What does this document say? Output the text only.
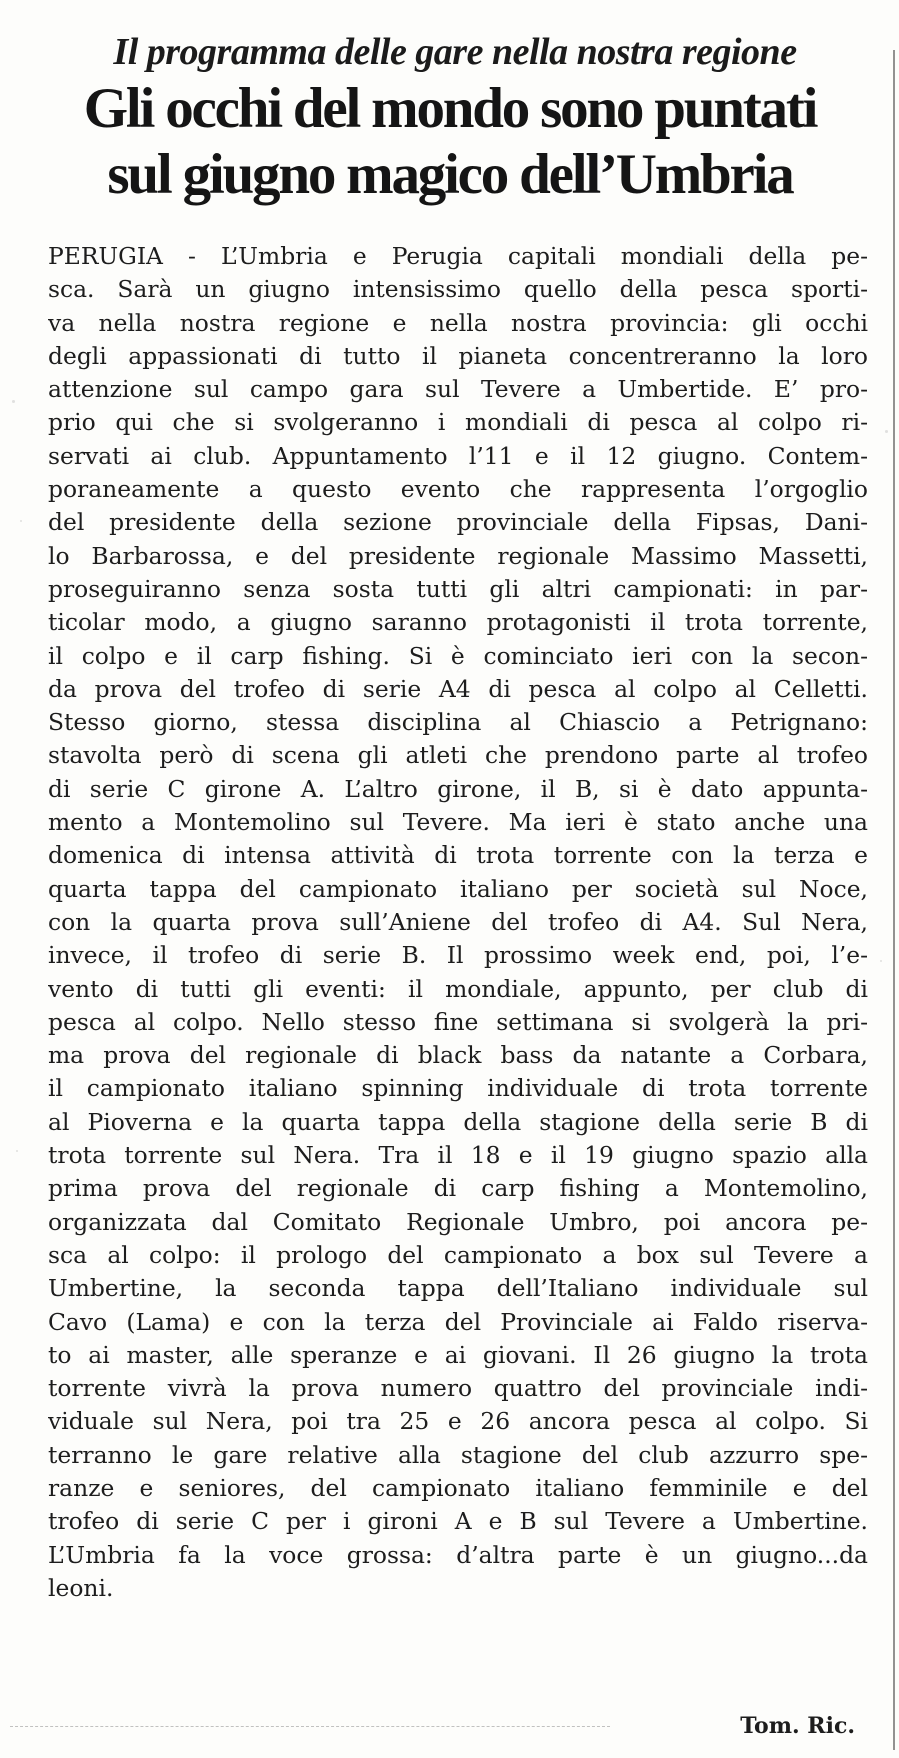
Il programma delle gare nella nostra regione
Gli occhi del mondo sono puntati
sul giugno magico dell’Umbria
PERUGIA - L’Umbria e Perugia capitali mondiali della pe-
sca. Sarà un giugno intensissimo quello della pesca sporti-
va nella nostra regione e nella nostra provincia: gli occhi
degli appassionati di tutto il pianeta concentreranno la loro
attenzione sul campo gara sul Tevere a Umbertide. E’ pro-
prio qui che si svolgeranno i mondiali di pesca al colpo ri-
servati ai club. Appuntamento l’11 e il 12 giugno. Contem-
poraneamente a questo evento che rappresenta l’orgoglio
del presidente della sezione provinciale della Fipsas, Dani-
lo Barbarossa, e del presidente regionale Massimo Massetti,
proseguiranno senza sosta tutti gli altri campionati: in par-
ticolar modo, a giugno saranno protagonisti il trota torrente,
il colpo e il carp fishing. Si è cominciato ieri con la secon-
da prova del trofeo di serie A4 di pesca al colpo al Celletti.
Stesso giorno, stessa disciplina al Chiascio a Petrignano:
stavolta però di scena gli atleti che prendono parte al trofeo
di serie C girone A. L’altro girone, il B, si è dato appunta-
mento a Montemolino sul Tevere. Ma ieri è stato anche una
domenica di intensa attività di trota torrente con la terza e
quarta tappa del campionato italiano per società sul Noce,
con la quarta prova sull’Aniene del trofeo di A4. Sul Nera,
invece, il trofeo di serie B. Il prossimo week end, poi, l’e-
vento di tutti gli eventi: il mondiale, appunto, per club di
pesca al colpo. Nello stesso fine settimana si svolgerà la pri-
ma prova del regionale di black bass da natante a Corbara,
il campionato italiano spinning individuale di trota torrente
al Pioverna e la quarta tappa della stagione della serie B di
trota torrente sul Nera. Tra il 18 e il 19 giugno spazio alla
prima prova del regionale di carp fishing a Montemolino,
organizzata dal Comitato Regionale Umbro, poi ancora pe-
sca al colpo: il prologo del campionato a box sul Tevere a
Umbertine, la seconda tappa dell’Italiano individuale sul
Cavo (Lama) e con la terza del Provinciale ai Faldo riserva-
to ai master, alle speranze e ai giovani. Il 26 giugno la trota
torrente vivrà la prova numero quattro del provinciale indi-
viduale sul Nera, poi tra 25 e 26 ancora pesca al colpo. Si
terranno le gare relative alla stagione del club azzurro spe-
ranze e seniores, del campionato italiano femminile e del
trofeo di serie C per i gironi A e B sul Tevere a Umbertine.
L’Umbria fa la voce grossa: d’altra parte è un giugno...da
leoni.
Tom. Ric.
